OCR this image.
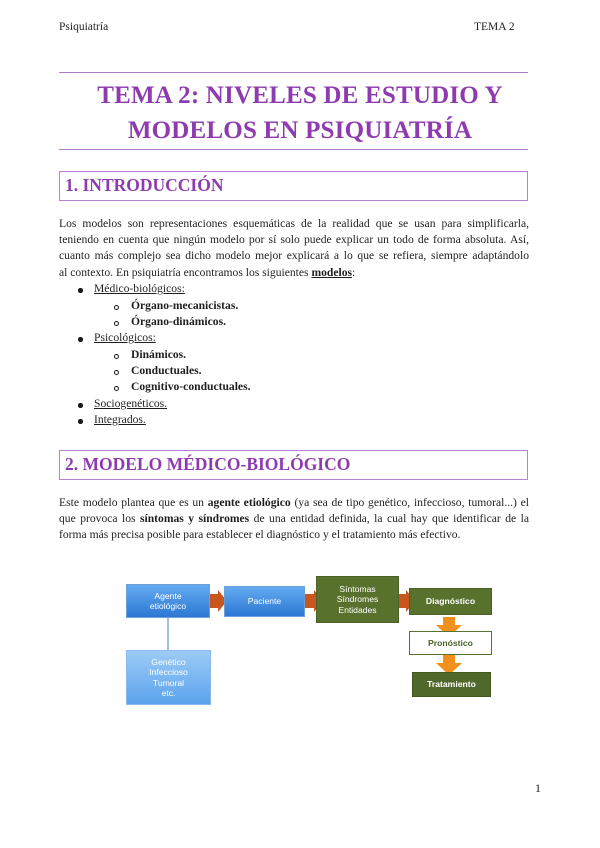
Psiquiatría	TEMA 2
TEMA 2: NIVELES DE ESTUDIO Y
MODELOS EN PSIQUIATRÍA
1. INTRODUCCIÓN
Los modelos son representaciones esquemáticas de la realidad que se usan para simplificarla,
teniendo en cuenta que ningún modelo por sí solo puede explicar un todo de forma absoluta. Así,
cuanto más complejo sea dicho modelo mejor explicará a lo que se refiera, siempre adaptándolo
al contexto. En psiquiatría encontramos los siguientes modelos:
Médico-biológicos:
Órgano-mecanicistas.
Órgano-dinámicos.
Psicológicos:
Dinámicos.
Conductuales.
Cognitivo-conductuales.
Sociogenéticos.
Integrados.
2. MODELO MÉDICO-BIOLÓGICO
Este modelo plantea que es un agente etiológico (ya sea de tipo genético, infeccioso, tumoral...) el
que provoca los síntomas y síndromes de una entidad definida, la cual hay que identificar de la
forma más precisa posible para establecer el diagnóstico y el tratamiento más efectivo.
Agente
etiológico	Paciente
Síntomas
Síndromes
Entidades
Diagnóstico
Pronóstico
Tratamiento
Genético
Infeccioso
Tumoral
etc.
1
